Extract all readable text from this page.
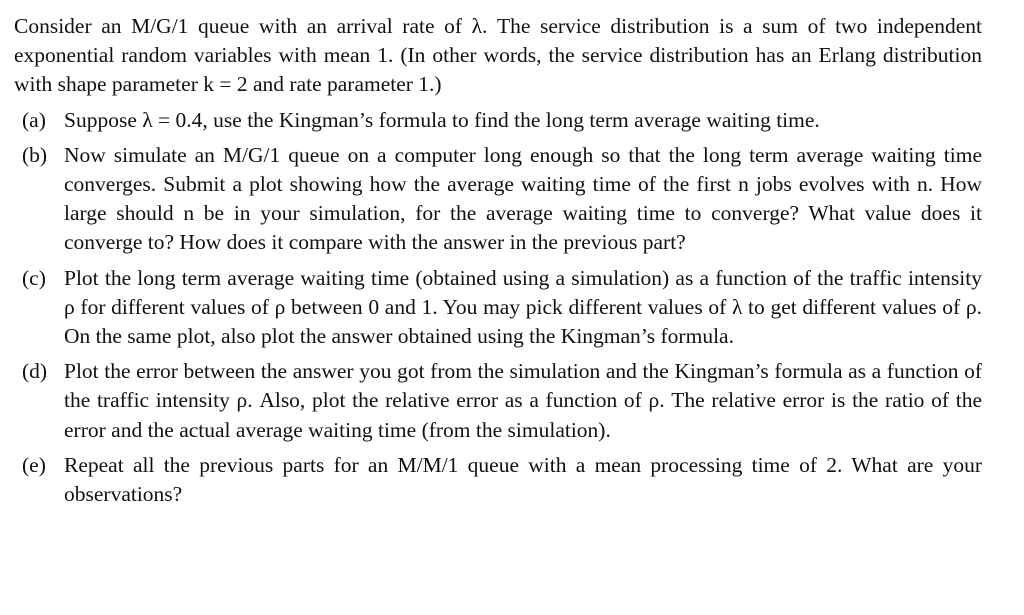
Consider an M/G/1 queue with an arrival rate of λ. The service distribution is a sum of two independent exponential random variables with mean 1. (In other words, the service distribution has an Erlang distribution with shape parameter k = 2 and rate parameter 1.)

(a) Suppose λ = 0.4, use the Kingman’s formula to find the long term average waiting time.
(b) Now simulate an M/G/1 queue on a computer long enough so that the long term average waiting time converges. Submit a plot showing how the average waiting time of the first n jobs evolves with n. How large should n be in your simulation, for the average waiting time to converge? What value does it converge to? How does it compare with the answer in the previous part?
(c) Plot the long term average waiting time (obtained using a simulation) as a function of the traffic intensity ρ for different values of ρ between 0 and 1. You may pick different values of λ to get different values of ρ. On the same plot, also plot the answer obtained using the Kingman’s formula.
(d) Plot the error between the answer you got from the simulation and the Kingman’s formula as a function of the traffic intensity ρ. Also, plot the relative error as a function of ρ. The relative error is the ratio of the error and the actual average waiting time (from the simulation).
(e) Repeat all the previous parts for an M/M/1 queue with a mean processing time of 2. What are your observations?
